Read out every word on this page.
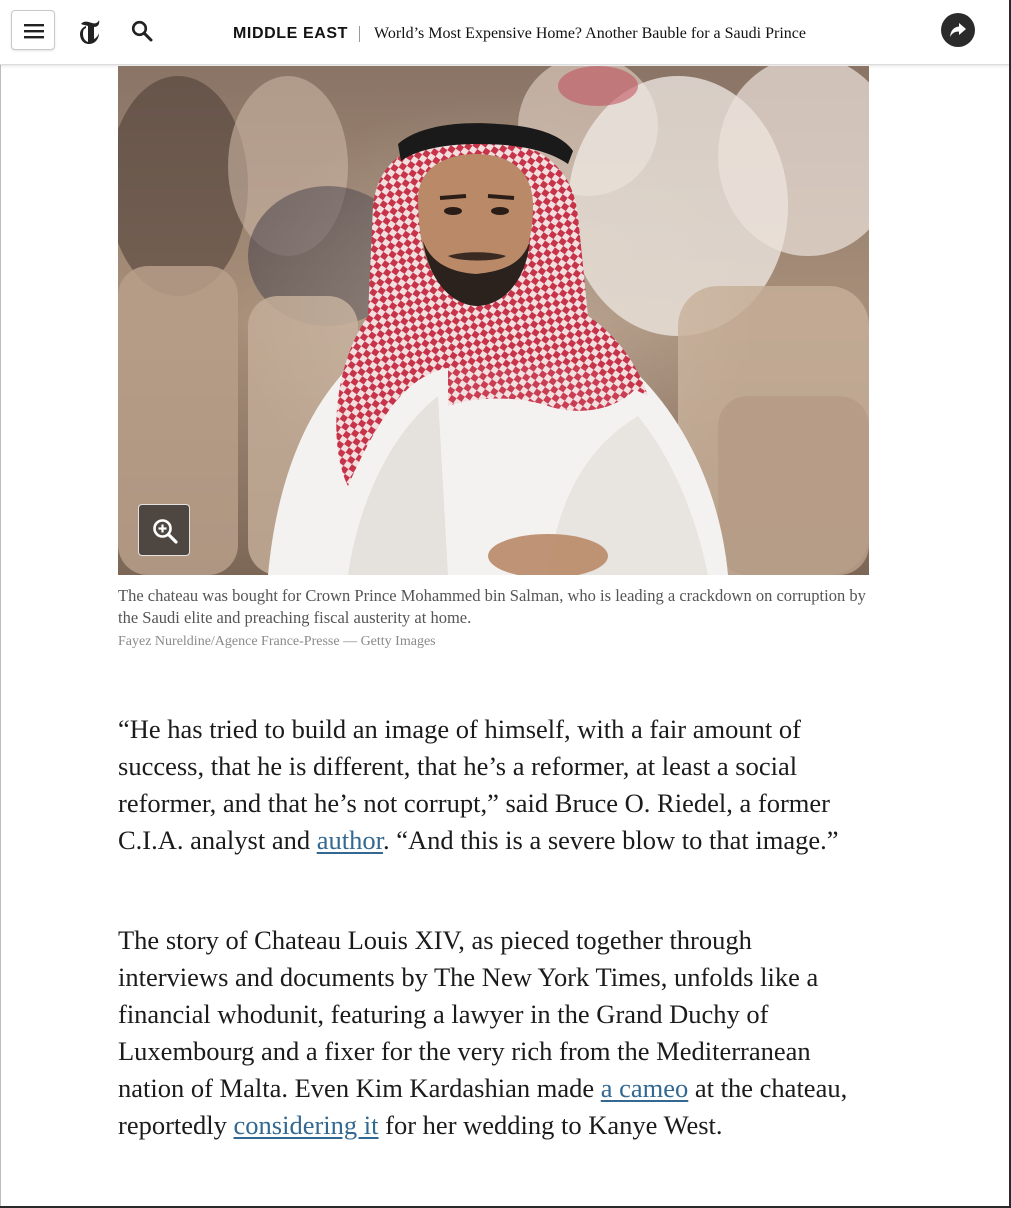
MIDDLE EAST World’s Most Expensive Home? Another Bauble for a Saudi Prince
The chateau was bought for Crown Prince Mohammed bin Salman, who is leading a crackdown on corruption by the Saudi elite and preaching fiscal austerity at home.
Fayez Nureldine/Agence France-Presse — Getty Images
“He has tried to build an image of himself, with a fair amount of success, that he is different, that he’s a reformer, at least a social reformer, and that he’s not corrupt,” said Bruce O. Riedel, a former C.I.A. analyst and author. “And this is a severe blow to that image.”
The story of Chateau Louis XIV, as pieced together through interviews and documents by The New York Times, unfolds like a financial whodunit, featuring a lawyer in the Grand Duchy of Luxembourg and a fixer for the very rich from the Mediterranean nation of Malta. Even Kim Kardashian made a cameo at the chateau, reportedly considering it for her wedding to Kanye West.
